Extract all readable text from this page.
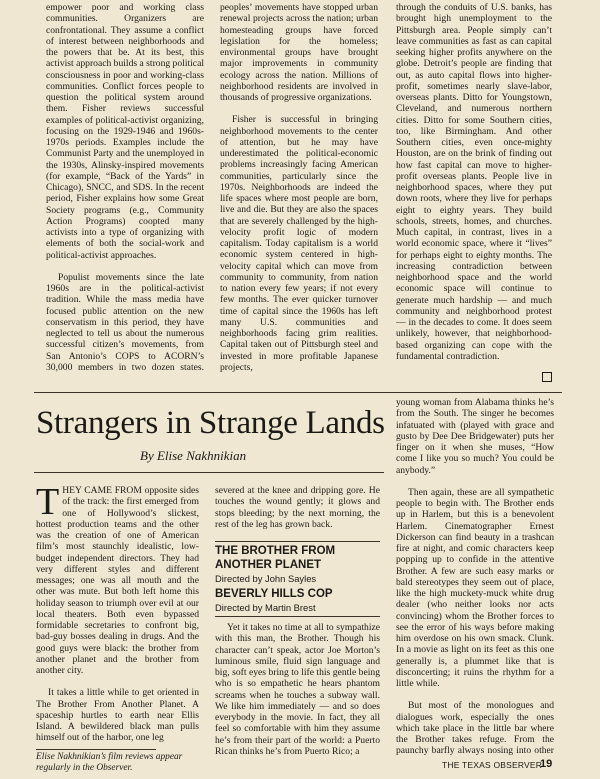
empower poor and working class communities. Organizers are confrontational. They assume a conflict of interest between neighborhoods and the powers that be. At its best, this activist approach builds a strong political consciousness in poor and working-class communities. Conflict forces people to question the political system around them. Fisher reviews successful examples of political-activist organizing, focusing on the 1929-1946 and 1960s-1970s periods. Examples include the Communist Party and the unemployed in the 1930s, Alinsky-inspired movements (for example, “Back of the Yards” in Chicago), SNCC, and SDS. In the recent period, Fisher explains how some Great Society programs (e.g., Community Action Programs) coopted many activists into a type of organizing with elements of both the social-work and political-activist approaches.

Populist movements since the late 1960s are in the political-activist tradition. While the mass media have focused public attention on the new conservatism in this period, they have neglected to tell us about the numerous successful citizen’s movements, from San Antonio’s COPS to ACORN’s 30,000 members in two dozen states.

peoples’ movements have stopped urban renewal projects across the nation; urban homesteading groups have forced legislation for the homeless; environmental groups have brought major improvements in community ecology across the nation. Millions of neighborhood residents are involved in thousands of progressive organizations.

Fisher is successful in bringing neighborhood movements to the center of attention, but he may have underestimated the political-economic problems increasingly facing American communities, particularly since the 1970s. Neighborhoods are indeed the life spaces where most people are born, live and die. But they are also the spaces that are severely challenged by the high-velocity profit logic of modern capitalism. Today capitalism is a world economic system centered in high-velocity capital which can move from community to community, from nation to nation every few years; if not every few months. The ever quicker turnover time of capital since the 1960s has left many U.S. communities and neighborhoods facing grim realities. Capital taken out of Pittsburgh steel and invested in more profitable Japanese projects,

through the conduits of U.S. banks, has brought high unemployment to the Pittsburgh area. People simply can’t leave communities as fast as can capital seeking higher profits anywhere on the globe. Detroit’s people are finding that out, as auto capital flows into higher-profit, sometimes nearly slave-labor, overseas plants. Ditto for Youngstown, Cleveland, and numerous northern cities. Ditto for some Southern cities, too, like Birmingham. And other Southern cities, even once-mighty Houston, are on the brink of finding out how fast capital can move to higher-profit overseas plants. People live in neighborhood spaces, where they put down roots, where they live for perhaps eight to eighty years. They build schools, streets, homes, and churches. Much capital, in contrast, lives in a world economic space, where it “lives” for perhaps eight to eighty months. The increasing contradiction between neighborhood space and the world economic space will continue to generate much hardship — and much community and neighborhood protest — in the decades to come. It does seem unlikely, however, that neighborhood-based organizing can cope with the fundamental contradiction.

Strangers in Strange Lands
By Elise Nakhnikian

THEY CAME FROM opposite sides of the track: the first emerged from one of Hollywood’s slickest, hottest production teams and the other was the creation of one of American film’s most staunchly idealistic, low-budget independent directors. They had very different styles and different messages; one was all mouth and the other was mute. But both left home this holiday season to triumph over evil at our local theaters. Both even bypassed formidable secretaries to confront big, bad-guy bosses dealing in drugs. And the good guys were black: the brother from another planet and the brother from another city.

It takes a little while to get oriented in The Brother From Another Planet. A spaceship hurtles to earth near Ellis Island. A bewildered black man pulls himself out of the harbor, one leg

severed at the knee and dripping gore. He touches the wound gently; it glows and stops bleeding; by the next morning, the rest of the leg has grown back.

THE BROTHER FROM ANOTHER PLANET
Directed by John Sayles
BEVERLY HILLS COP
Directed by Martin Brest

Yet it takes no time at all to sympathize with this man, the Brother. Though his character can’t speak, actor Joe Morton’s luminous smile, fluid sign language and big, soft eyes bring to life this gentle being who is so empathetic he hears phantom screams when he touches a subway wall. We like him immediately — and so does everybody in the movie. In fact, they all feel so comfortable with him they assume he’s from their part of the world: a Puerto Rican thinks he’s from Puerto Rico; a

young woman from Alabama thinks he’s from the South. The singer he becomes infatuated with (played with grace and gusto by Dee Dee Bridgewater) puts her finger on it when she muses, “How come I like you so much? You could be anybody.”

Then again, these are all sympathetic people to begin with. The Brother ends up in Harlem, but this is a benevolent Harlem. Cinematographer Ernest Dickerson can find beauty in a trashcan fire at night, and comic characters keep popping up to confide in the attentive Brother. A few are such easy marks or bald stereotypes they seem out of place, like the high muckety-muck white drug dealer (who neither looks nor acts convincing) whom the Brother forces to see the error of his ways before making him overdose on his own smack. Clunk. In a movie as light on its feet as this one generally is, a plummet like that is disconcerting; it ruins the rhythm for a little while.

But most of the monologues and dialogues work, especially the ones which take place in the little bar where the Brother takes refuge. From the paunchy barfly always nosing into other

Elise Nakhnikian’s film reviews appear regularly in the Observer.	THE TEXAS OBSERVER
19
